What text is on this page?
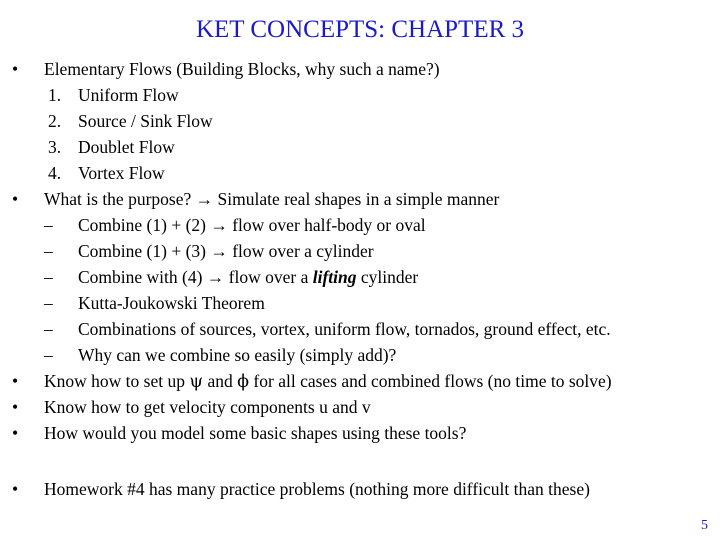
KET CONCEPTS: CHAPTER 3
• Elementary Flows (Building Blocks, why such a name?)
1. Uniform Flow
2. Source / Sink Flow
3. Doublet Flow
4. Vortex Flow
• What is the purpose? → Simulate real shapes in a simple manner
– Combine (1) + (2) → flow over half-body or oval
– Combine (1) + (3) → flow over a cylinder
– Combine with (4) → flow over a lifting cylinder
– Kutta-Joukowski Theorem
– Combinations of sources, vortex, uniform flow, tornados, ground effect, etc.
– Why can we combine so easily (simply add)?
• Know how to set up ψ and ϕ for all cases and combined flows (no time to solve)
• Know how to get velocity components u and v
• How would you model some basic shapes using these tools?
• Homework #4 has many practice problems (nothing more difficult than these)
5
